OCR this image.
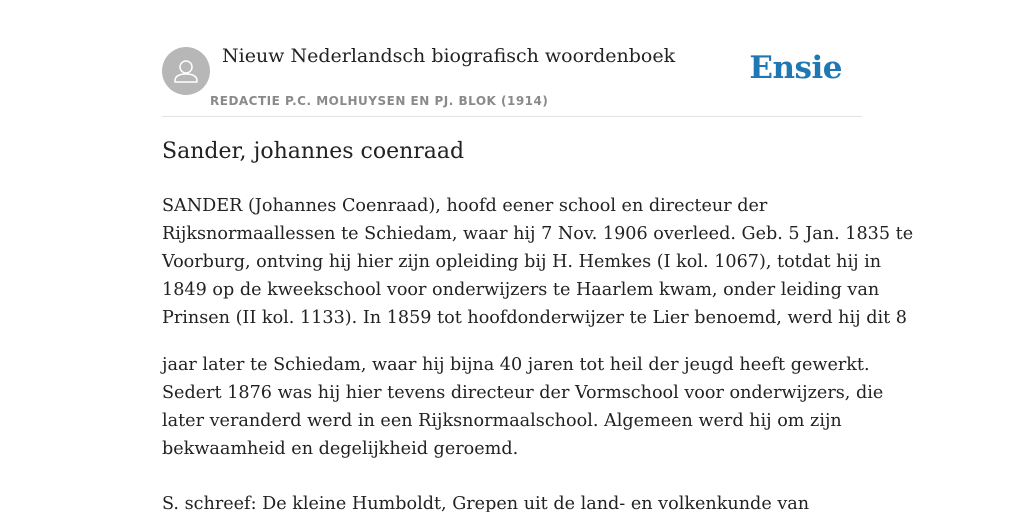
Nieuw Nederlandsch biografisch woordenboek
REDACTIE P.C. MOLHUYSEN EN PJ. BLOK (1914)
Ensie
Sander, johannes coenraad

SANDER (Johannes Coenraad), hoofd eener school en directeur der
Rijksnormaallessen te Schiedam, waar hij 7 Nov. 1906 overleed. Geb. 5 Jan. 1835 te
Voorburg, ontving hij hier zijn opleiding bij H. Hemkes (I kol. 1067), totdat hij in
1849 op de kweekschool voor onderwijzers te Haarlem kwam, onder leiding van
Prinsen (II kol. 1133). In 1859 tot hoofdonderwijzer te Lier benoemd, werd hij dit 8

jaar later te Schiedam, waar hij bijna 40 jaren tot heil der jeugd heeft gewerkt.
Sedert 1876 was hij hier tevens directeur der Vormschool voor onderwijzers, die
later veranderd werd in een Rijksnormaalschool. Algemeen werd hij om zijn
bekwaamheid en degelijkheid geroemd.

S. schreef: De kleine Humboldt, Grepen uit de land- en volkenkunde van
